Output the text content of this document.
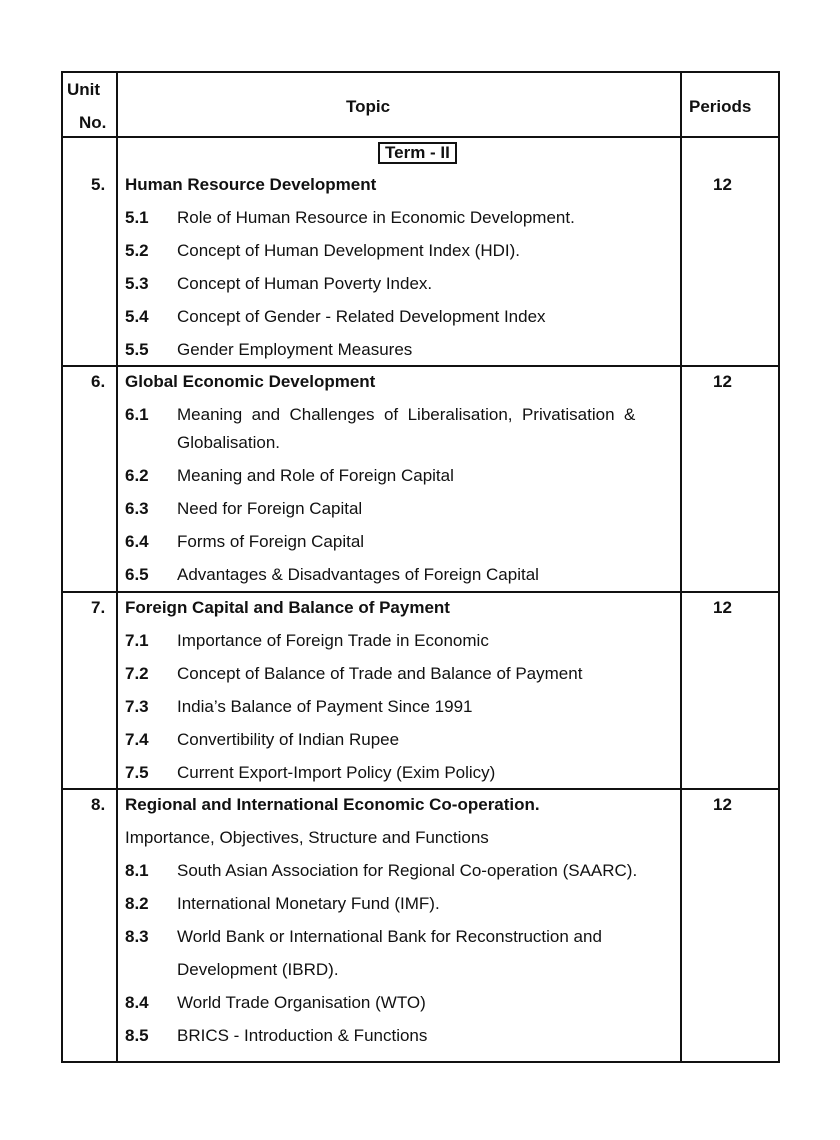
Unit
No.
Topic	Periods
Term - II
5. Human Resource Development	12
5.1 Role of Human Resource in Economic Development.
5.2 Concept of Human Development Index (HDI).
5.3 Concept of Human Poverty Index.
5.4 Concept of Gender - Related Development Index
5.5 Gender Employment Measures
6. Global Economic Development	12
6.1 Meaning  and  Challenges  of  Liberalisation,  Privatisation  &
Globalisation.
6.2 Meaning and Role of Foreign Capital
6.3 Need for Foreign Capital
6.4 Forms of Foreign Capital
6.5 Advantages & Disadvantages of Foreign Capital
7. Foreign Capital and Balance of Payment	12
7.1 Importance of Foreign Trade in Economic
7.2 Concept of Balance of Trade and Balance of Payment
7.3 India’s Balance of Payment Since 1991
7.4 Convertibility of Indian Rupee
7.5 Current Export-Import Policy (Exim Policy)
8. Regional and International Economic Co-operation.	12
Importance, Objectives, Structure and Functions
8.1 South Asian Association for Regional Co-operation (SAARC).
8.2 International Monetary Fund (IMF).
8.3 World Bank or International Bank for Reconstruction and
Development (IBRD).
8.4 World Trade Organisation (WTO)
8.5 BRICS - Introduction & Functions
